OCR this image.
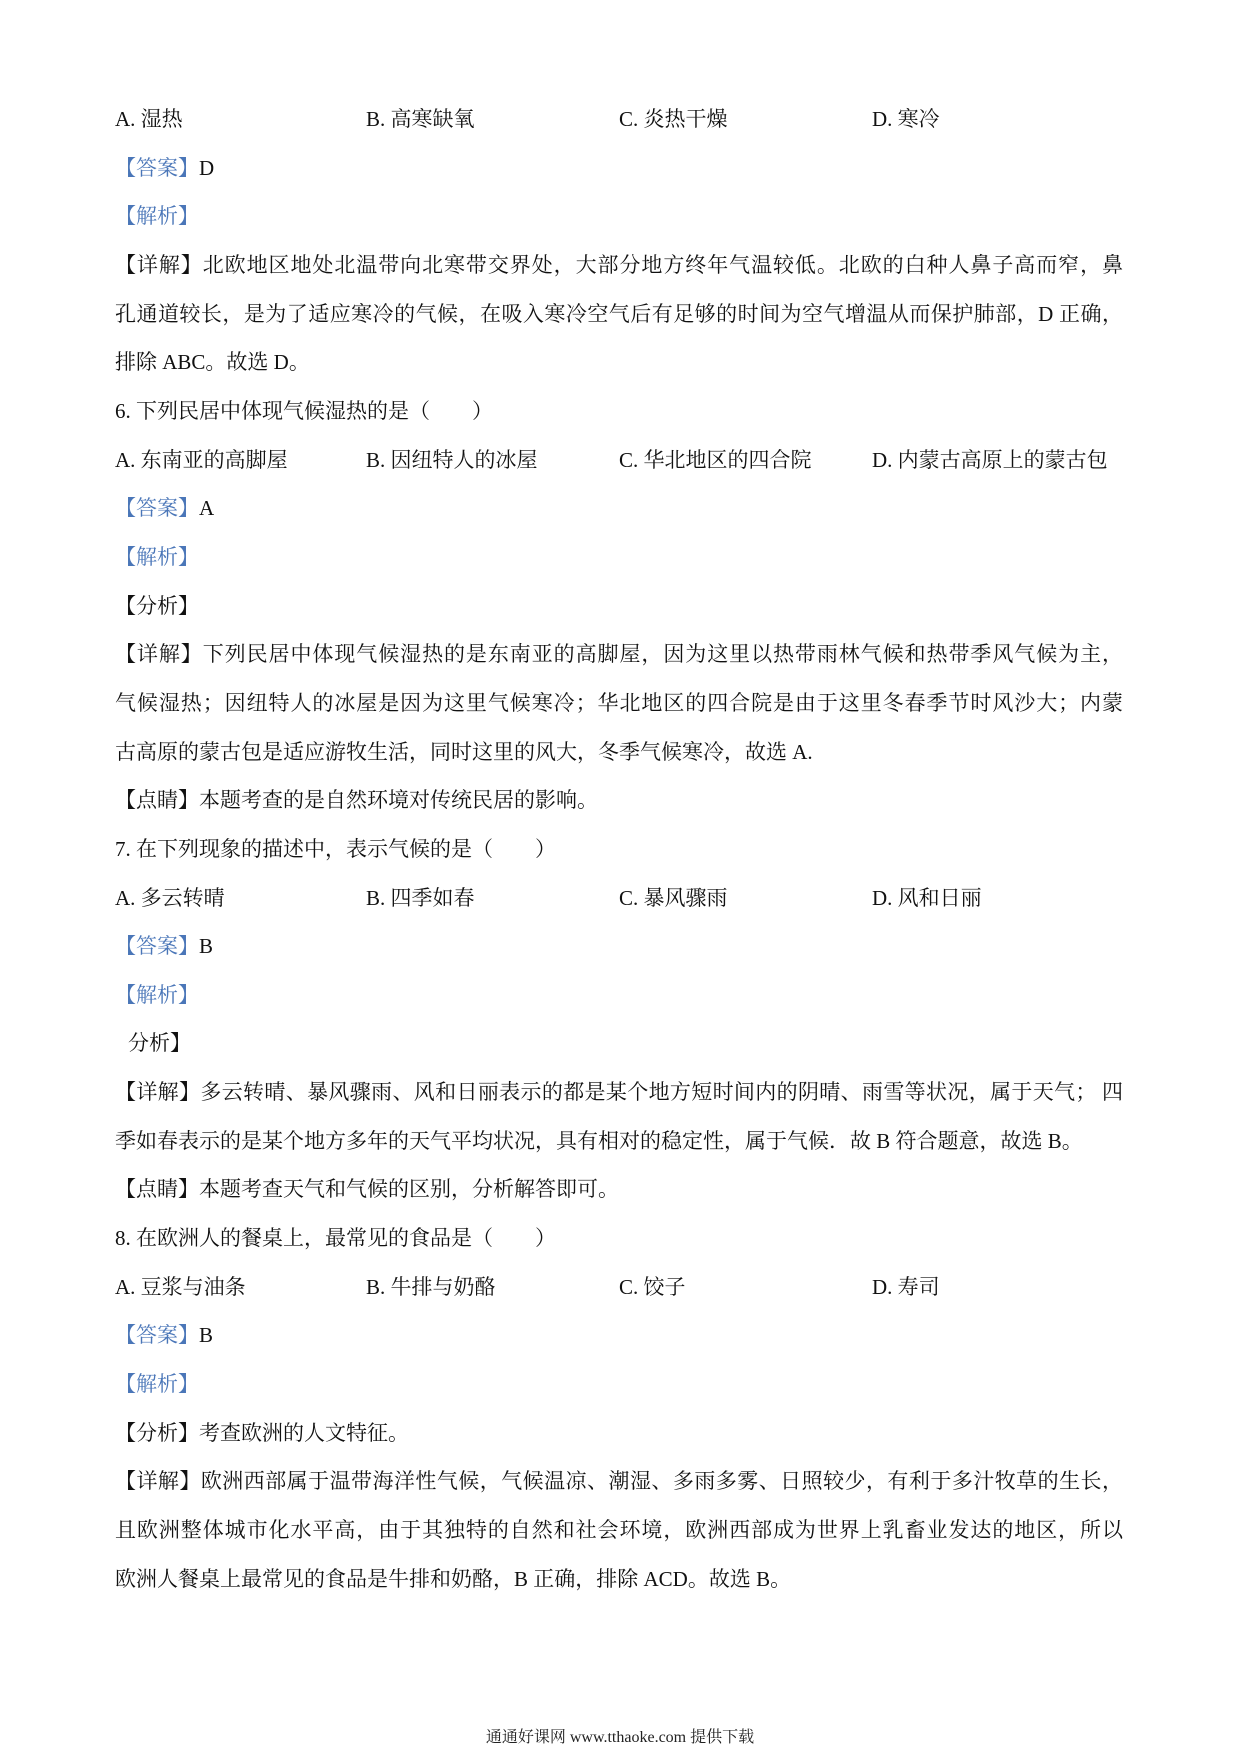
A. 湿热	B. 高寒缺氧	C. 炎热干燥	D. 寒冷
【答案】D
【解析】
【详解】北欧地区地处北温带向北寒带交界处，大部分地方终年气温较低。北欧的白种人鼻子高而窄，鼻
孔通道较长，是为了适应寒冷的气候，在吸入寒冷空气后有足够的时间为空气增温从而保护肺部，D 正确，
排除 ABC。故选 D。
6. 下列民居中体现气候湿热的是（　　）
A. 东南亚的高脚屋	B. 因纽特人的冰屋	C. 华北地区的四合院	D. 内蒙古高原上的蒙古包
【答案】A
【解析】
【分析】
【详解】下列民居中体现气候湿热的是东南亚的高脚屋，因为这里以热带雨林气候和热带季风气候为主，
气候湿热；因纽特人的冰屋是因为这里气候寒冷；华北地区的四合院是由于这里冬春季节时风沙大；内蒙
古高原的蒙古包是适应游牧生活，同时这里的风大，冬季气候寒冷，故选 A.
【点睛】本题考查的是自然环境对传统民居的影响。
7. 在下列现象的描述中，表示气候的是（　　）
A. 多云转晴	B. 四季如春	C. 暴风骤雨	D. 风和日丽
【答案】B
【解析】
分析】
【详解】多云转晴、暴风骤雨、风和日丽表示的都是某个地方短时间内的阴晴、雨雪等状况，属于天气； 四
季如春表示的是某个地方多年的天气平均状况，具有相对的稳定性，属于气候．故 B 符合题意，故选 B。
【点睛】本题考查天气和气候的区别，分析解答即可。
8. 在欧洲人的餐桌上，最常见的食品是（　　）
A. 豆浆与油条	B. 牛排与奶酪	C. 饺子	D. 寿司
【答案】B
【解析】
【分析】考查欧洲的人文特征。
【详解】欧洲西部属于温带海洋性气候，气候温凉、潮湿、多雨多雾、日照较少，有利于多汁牧草的生长，
且欧洲整体城市化水平高，由于其独特的自然和社会环境，欧洲西部成为世界上乳畜业发达的地区，所以
欧洲人餐桌上最常见的食品是牛排和奶酪，B 正确，排除 ACD。故选 B。
通通好课网 www.tthaoke.com 提供下载
